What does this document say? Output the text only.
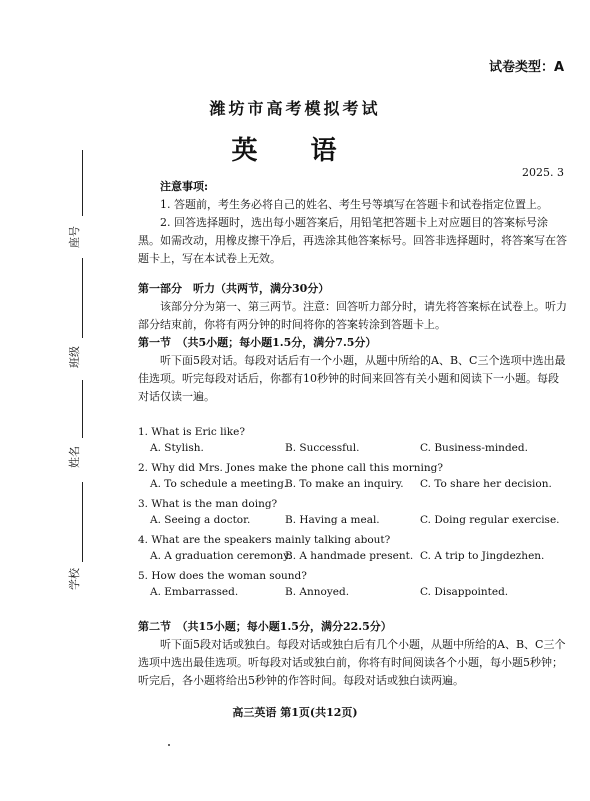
座号
班级
姓名
学校
试卷类型：A
潍坊市高考模拟考试
英 语
2025. 3
注意事项:
1. 答题前，考生务必将自己的姓名、考生号等填写在答题卡和试卷指定位置上。
2. 回答选择题时，选出每小题答案后，用铅笔把答题卡上对应题目的答案标号涂黑。如需改动，用橡皮擦干净后，再选涂其他答案标号。回答非选择题时，将答案写在答题卡上，写在本试卷上无效。
第一部分　听力（共两节，满分30分）
该部分分为第一、第三两节。注意：回答听力部分时，请先将答案标在试卷上。听力部分结束前，你将有两分钟的时间将你的答案转涂到答题卡上。
第一节　（共5小题；每小题1.5分，满分7.5分）
听下面5段对话。每段对话后有一个小题，从题中所给的A、B、C三个选项中选出最佳选项。听完每段对话后，你都有10秒钟的时间来回答有关小题和阅读下一小题。每段对话仅读一遍。
1. What is Eric like?
A. Stylish.	B. Successful.	C. Business-minded.
2. Why did Mrs. Jones make the phone call this morning?
A. To schedule a meeting.
B. To make an inquiry. C. To share her decision.
3. What is the man doing?
A. Seeing a doctor.	B. Having a meal.	C. Doing regular exercise.
4. What are the speakers mainly talking about?
A. A graduation ceremony.
B. A handmade present. C. A trip to Jingdezhen.
5. How does the woman sound?
A. Embarrassed.	B. Annoyed.	C. Disappointed.
第二节　（共15小题；每小题1.5分，满分22.5分）
听下面5段对话或独白。每段对话或独白后有几个小题，从题中所给的A、B、C三个选项中选出最佳选项。听每段对话或独白前，你将有时间阅读各个小题，每小题5秒钟；听完后，各小题将给出5秒钟的作答时间。每段对话或独白读两遍。
高三英语 第1页(共12页)
